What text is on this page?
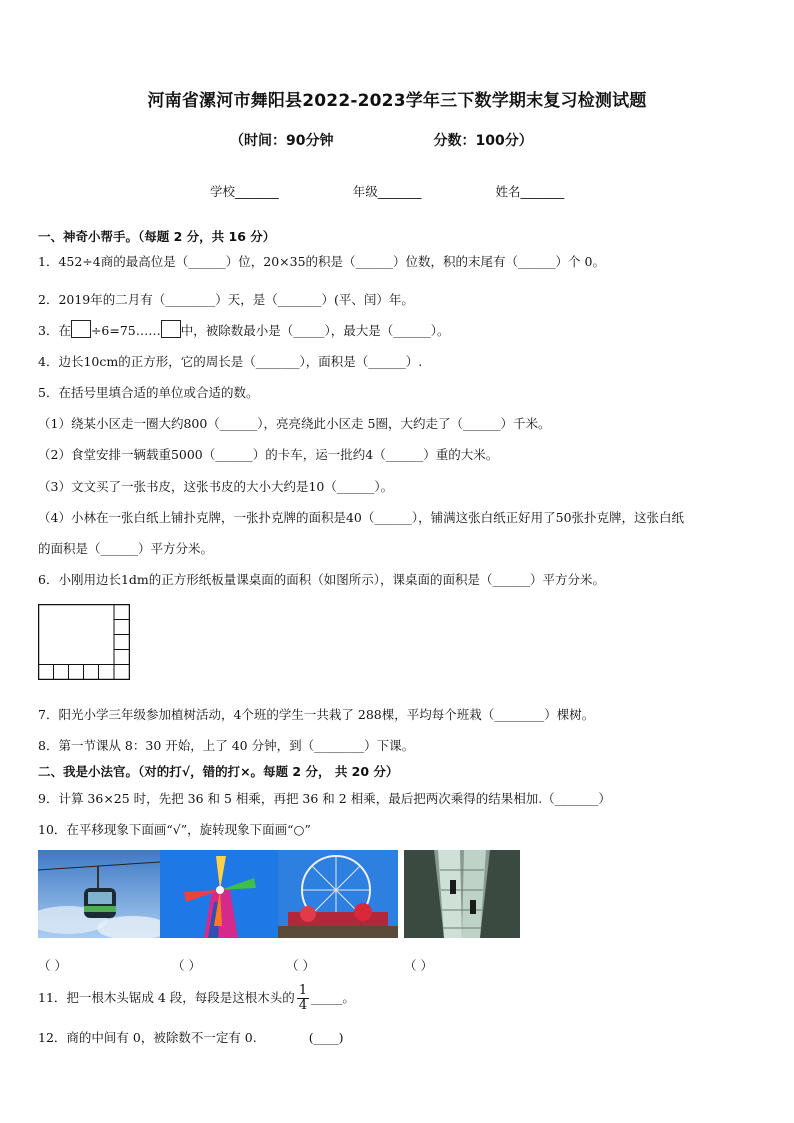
河南省漯河市舞阳县2022-2023学年三下数学期末复习检测试题
（时间：90分钟	分数：100分）
学校_______	年级_______	姓名_______
一、神奇小帮手。（每题 2 分，共 16 分）
1．452÷4商的最高位是（______）位，20×35的积是（______）位数，积的末尾有（______）个 0。
2．2019年的二月有（________）天，是（_______）(平、闰）年。
3．在 ÷6=75…… 中，被除数最小是（_____），最大是（______）。
4．边长10cm的正方形，它的周长是（_______），面积是（______）.
5．在括号里填合适的单位或合适的数。
（1）绕某小区走一圈大约800（______），亮亮绕此小区走 5圈，大约走了（______）千米。
（2）食堂安排一辆载重5000（______）的卡车，运一批约4（______）重的大米。
（3）文文买了一张书皮，这张书皮的大小大约是10（______）。
（4）小林在一张白纸上铺扑克牌，一张扑克牌的面积是40（______），铺满这张白纸正好用了50张扑克牌，这张白纸
的面积是（______）平方分米。
6．小刚用边长1dm的正方形纸板量课桌面的面积（如图所示），课桌面的面积是（______）平方分米。
7．阳光小学三年级参加植树活动，4个班的学生一共栽了 288棵，平均每个班栽（________）棵树。
8．第一节课从 8：30 开始，上了 40 分钟，到（________）下课。
二、我是小法官。（对的打√，错的打×。每题 2 分， 共 20 分）
9．计算 36×25 时，先把 36 和 5 相乘，再把 36 和 2 相乘，最后把两次乘得的结果相加.（_______）
10．在平移现象下面画“√”，旋转现象下面画“○”
（ ）	（ ）	（ ）	（ ）
11．把一根木头锯成 4 段，每段是这根木头的 $\frac{1}{4}$ _____。
12．商的中间有 0，被除数不一定有 0.	(____)
